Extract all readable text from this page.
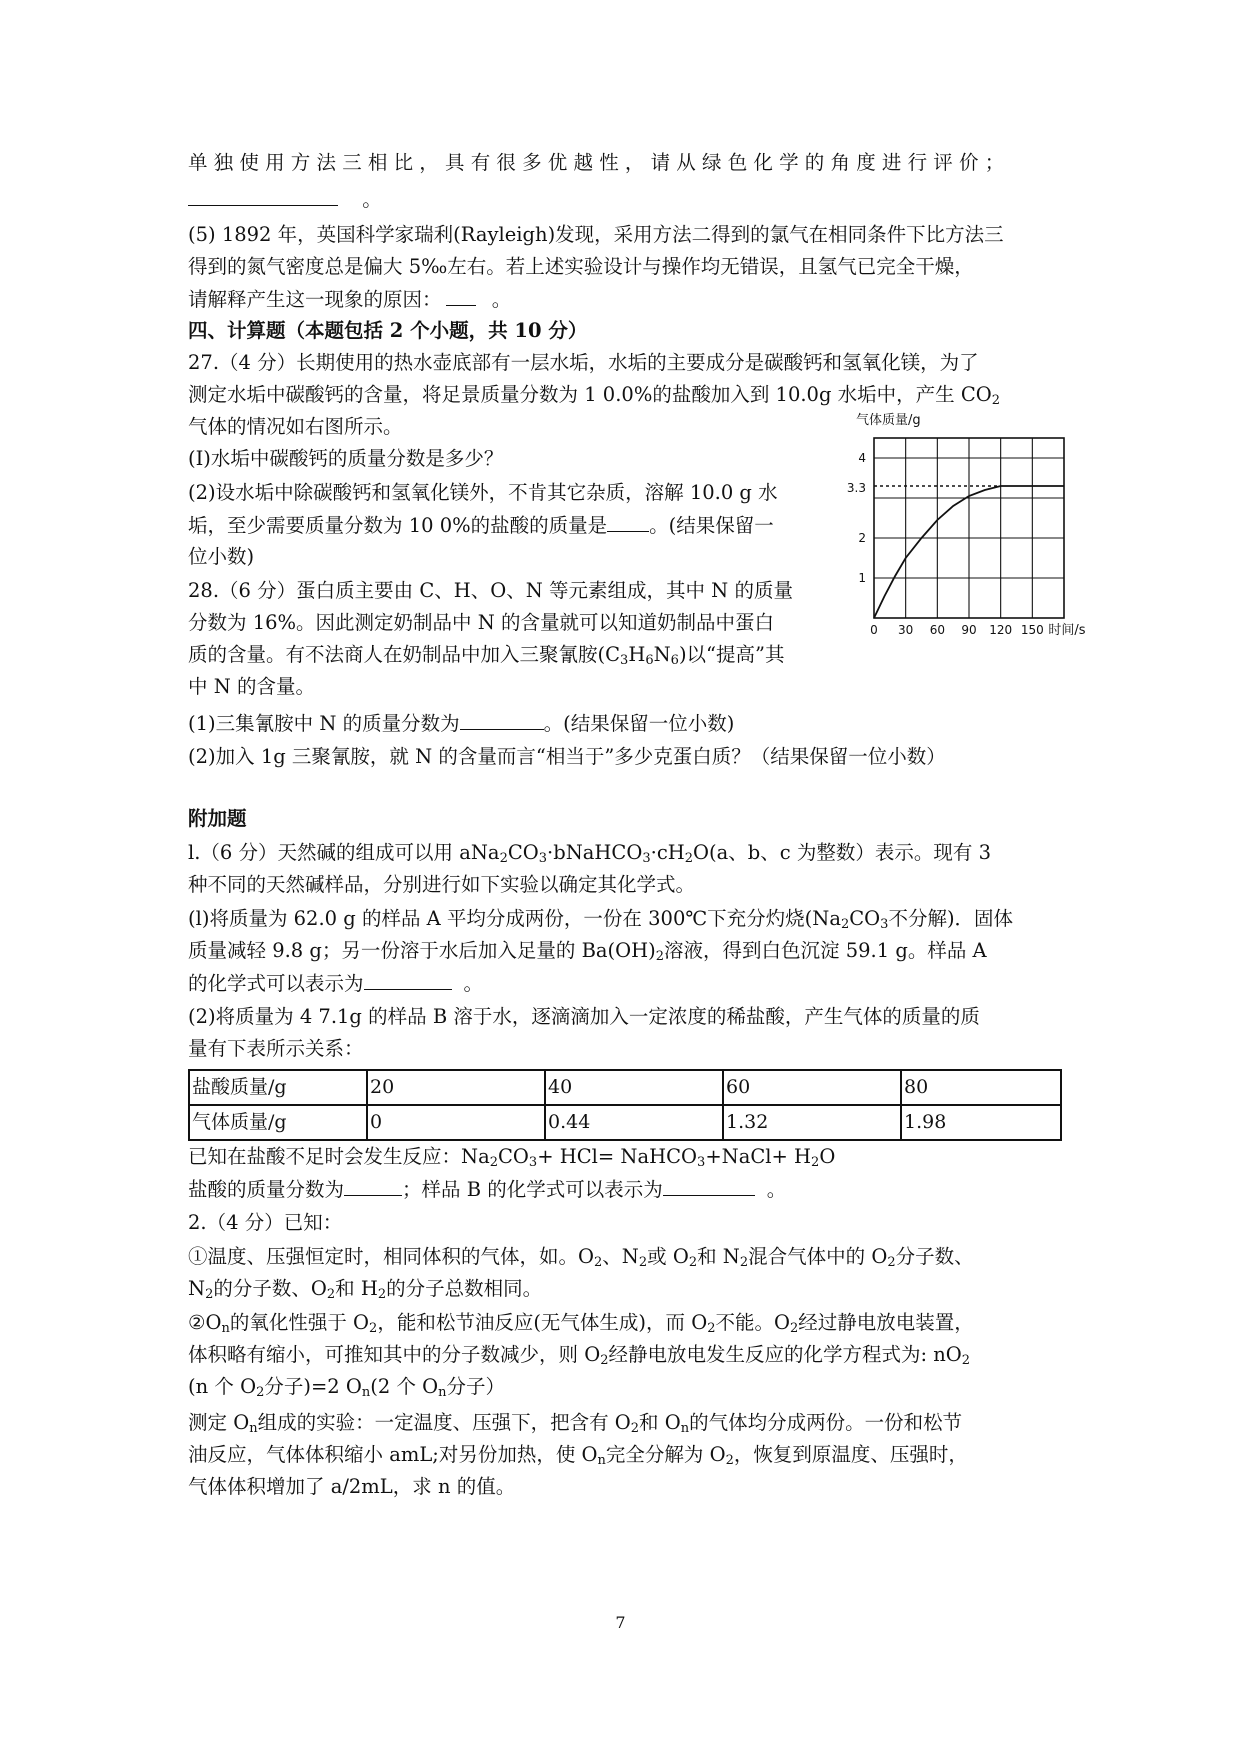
单独使用方法三相比，具有很多优越性，请从绿色化学的角度进行评价；
。
(5) 1892 年，英国科学家瑞利(Rayleigh)发现，采用方法二得到的氯气在相同条件下比方法三
得到的氮气密度总是偏大 5‰左右。若上述实验设计与操作均无错误，且氢气已完全干燥，
请解释产生这一现象的原因：	。
四、计算题（本题包括 2 个小题，共 10 分）
27.（4 分）长期使用的热水壶底部有一层水垢，水垢的主要成分是碳酸钙和氢氧化镁，为了
测定水垢中碳酸钙的含量，将足景质量分数为 1 0.0%的盐酸加入到 10.0g 水垢中，产生 $CO_2$
气体的情况如右图所示。
(I)水垢中碳酸钙的质量分数是多少？
(2)设水垢中除碳酸钙和氢氧化镁外，不肯其它杂质，溶解 10.0 g 水
垢，至少需要质量分数为 10 0%的盐酸的质量是 。(结果保留一
位小数)
28.（6 分）蛋白质主要由 C、H、O、N 等元素组成，其中 N 的质量
分数为 16%。因此测定奶制品中 N 的含量就可以知道奶制品中蛋白
质的含量。有不法商人在奶制品中加入三聚氰胺$(C_3H_6N_6)$以“提高”其
中 N 的含量。
(1)三集氰胺中 N 的质量分数为	。(结果保留一位小数)
(2)加入 1g 三聚氰胺，就 N 的含量而言“相当于”多少克蛋白质？（结果保留一位小数）
气体质量/g
0 30 60 90 120 150
1
2
3.3
4
时间/s
附加题
l.（6 分）天然碱的组成可以用 $aNa_2CO_3\cdot bNaHCO_3\cdot cH_2O(a$、b、c 为整数）表示。现有 3
种不同的天然碱样品，分别进行如下实验以确定其化学式。
(l)将质量为 62.0 g 的样品 A 平均分成两份，一份在 300℃下充分灼烧($Na_2CO_3$不分解)．固体
质量减轻 9.8 g；另一份溶于水后加入足量的 $Ba(OH)_2$溶液，得到白色沉淀 59.1 g。样品 A
的化学式可以表示为	。
(2)将质量为 4 7.1g 的样品 B 溶于水，逐滴滴加入一定浓度的稀盐酸，产生气体的质量的质
量有下表所示关系：
盐酸质量/g	20	40	60	80
气体质量/g	0	0.44	1.32	1.98
已知在盐酸不足时会发生反应：$Na_2CO_3+ HCl=$ NaHCO$_3$+NaCl+ $H_2O$
盐酸的质量分数为	；样品 B 的化学式可以表示为	。
2.（4 分）已知：
①温度、压强恒定时，相同体积的气体，如。$O_2$、$N_2$或 $O_2$和 $N_2$混合气体中的 $O_2$分子数、
$N_2$的分子数、$O_2$和 $H_2$的分子总数相同。
$②O_n$的氧化性强于 $O_2$，能和松节油反应(无气体生成)，而 $O_2$不能。$O_2$经过静电放电装置，
体积略有缩小，可推知其中的分子数减少，则 $O_2$经静电放电发生反应的化学方程式为: $nO_2$
(n 个 $O_2$分子)=2 $O_n(2$ 个 $O_n$分子）
测定 $O_n$组成的实验：一定温度、压强下，把含有 $O_2$和 $O_n$的气体均分成两份。一份和松节
油反应，气体体积缩小 amL;对另份加热，使 $O_n$完全分解为 $O_2$，恢复到原温度、压强时，
气体体积增加了 a/2mL，求 n 的值。
7
